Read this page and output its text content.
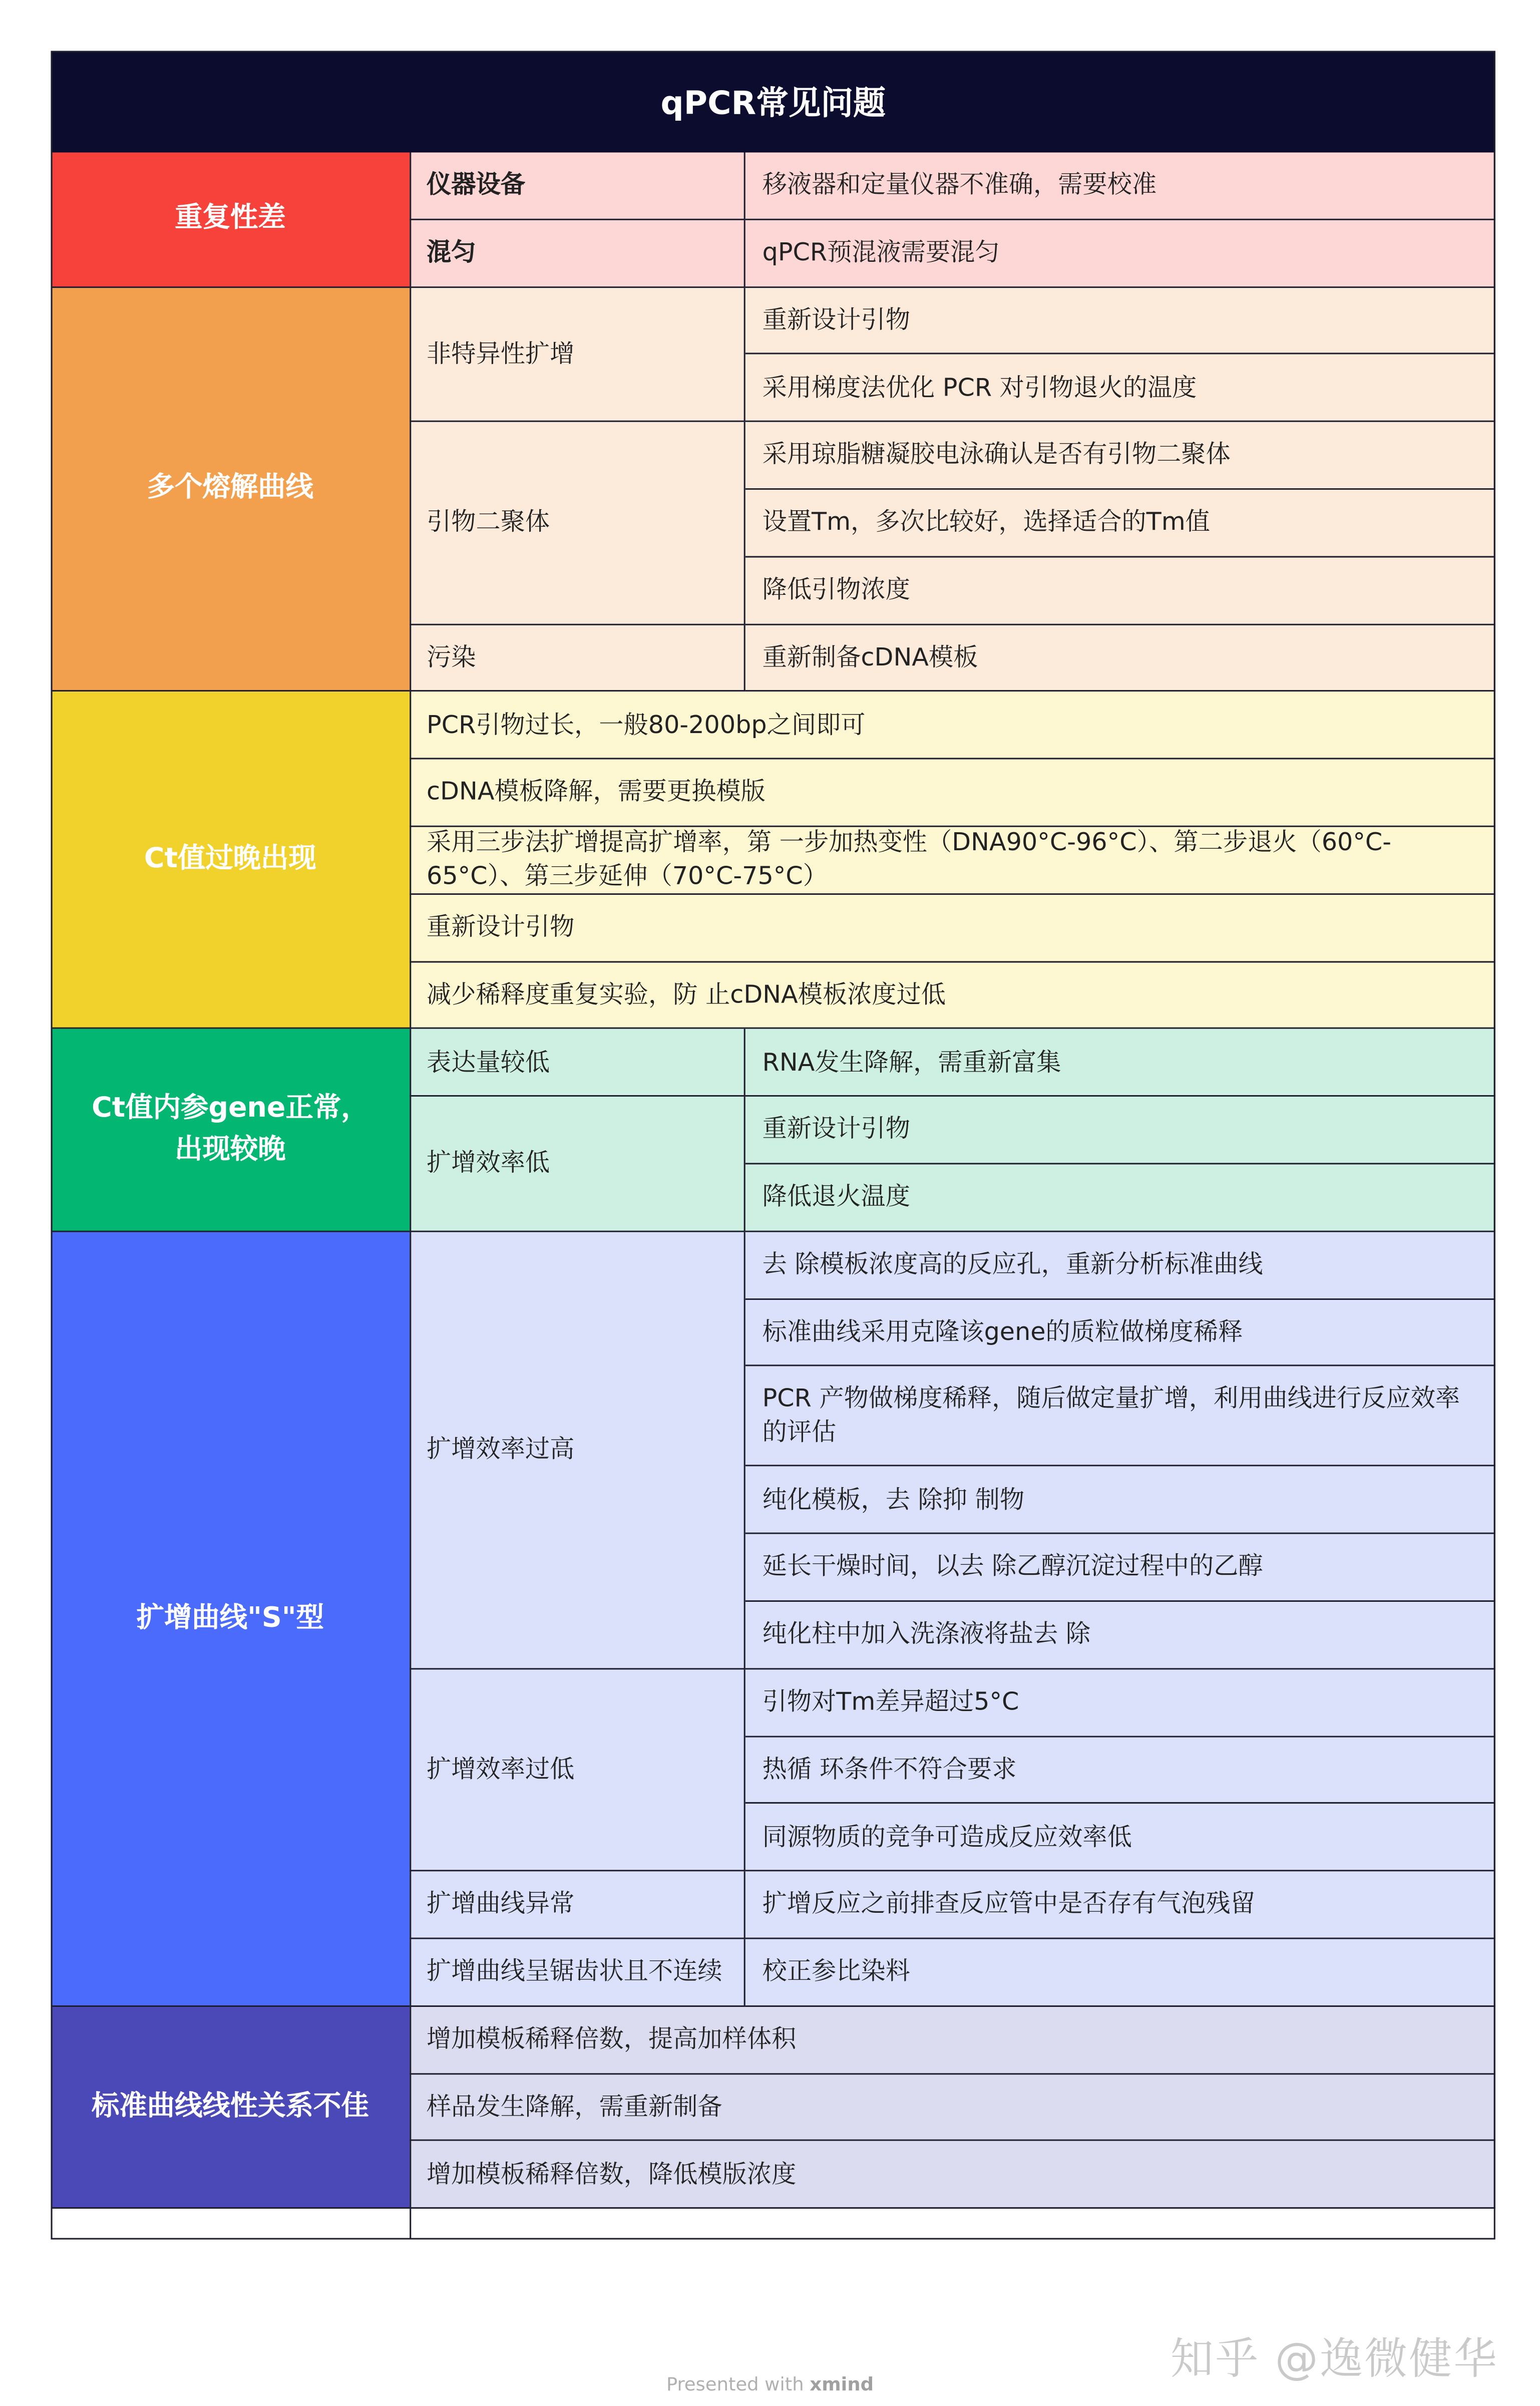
qPCR常见问题
移液器和定量仪器不准确，需要校准
仪器设备
qPCR预混液需要混匀
混匀
重复性差
重新设计引物
采用梯度法优化 PCR 对引物退火的温度
非特异性扩增
采用琼脂糖凝胶电泳确认是否有引物二聚体
设置Tm，多次比较好，选择适合的Tm值
降低引物浓度
引物二聚体
重新制备cDNA模板
污染
多个熔解曲线
PCR引物过长，一般80-200bp之间即可
cDNA模板降解，需要更换模版
采用三步法扩增提高扩增率，第 一步加热变性（DNA90°C-96°C）、第二步退火（60°C-65°C）、第三步延伸（70°C-75°C）
重新设计引物
减少稀释度重复实验，防 止cDNA模板浓度过低
Ct值过晚出现
RNA发生降解，需重新富集
表达量较低
重新设计引物
降低退火温度
扩增效率低
Ct值内参gene正常，出现较晚
去 除模板浓度高的反应孔，重新分析标准曲线
标准曲线采用克隆该gene的质粒做梯度稀释
PCR 产物做梯度稀释，随后做定量扩增，利用曲线进行反应效率的评估
纯化模板，去 除抑 制物
延长干燥时间，以去 除乙醇沉淀过程中的乙醇
纯化柱中加入洗涤液将盐去 除
扩增效率过高
引物对Tm差异超过5°C
热循 环条件不符合要求
同源物质的竞争可造成反应效率低
扩增效率过低
扩增反应之前排查反应管中是否存有气泡残留
扩增曲线异常
校正参比染料
扩增曲线呈锯齿状且不连续
扩增曲线"S"型
增加模板稀释倍数，提高加样体积
样品发生降解，需重新制备
增加模板稀释倍数，降低模版浓度
标准曲线线性关系不佳
知乎 @逸微健华
Presented with xmind
